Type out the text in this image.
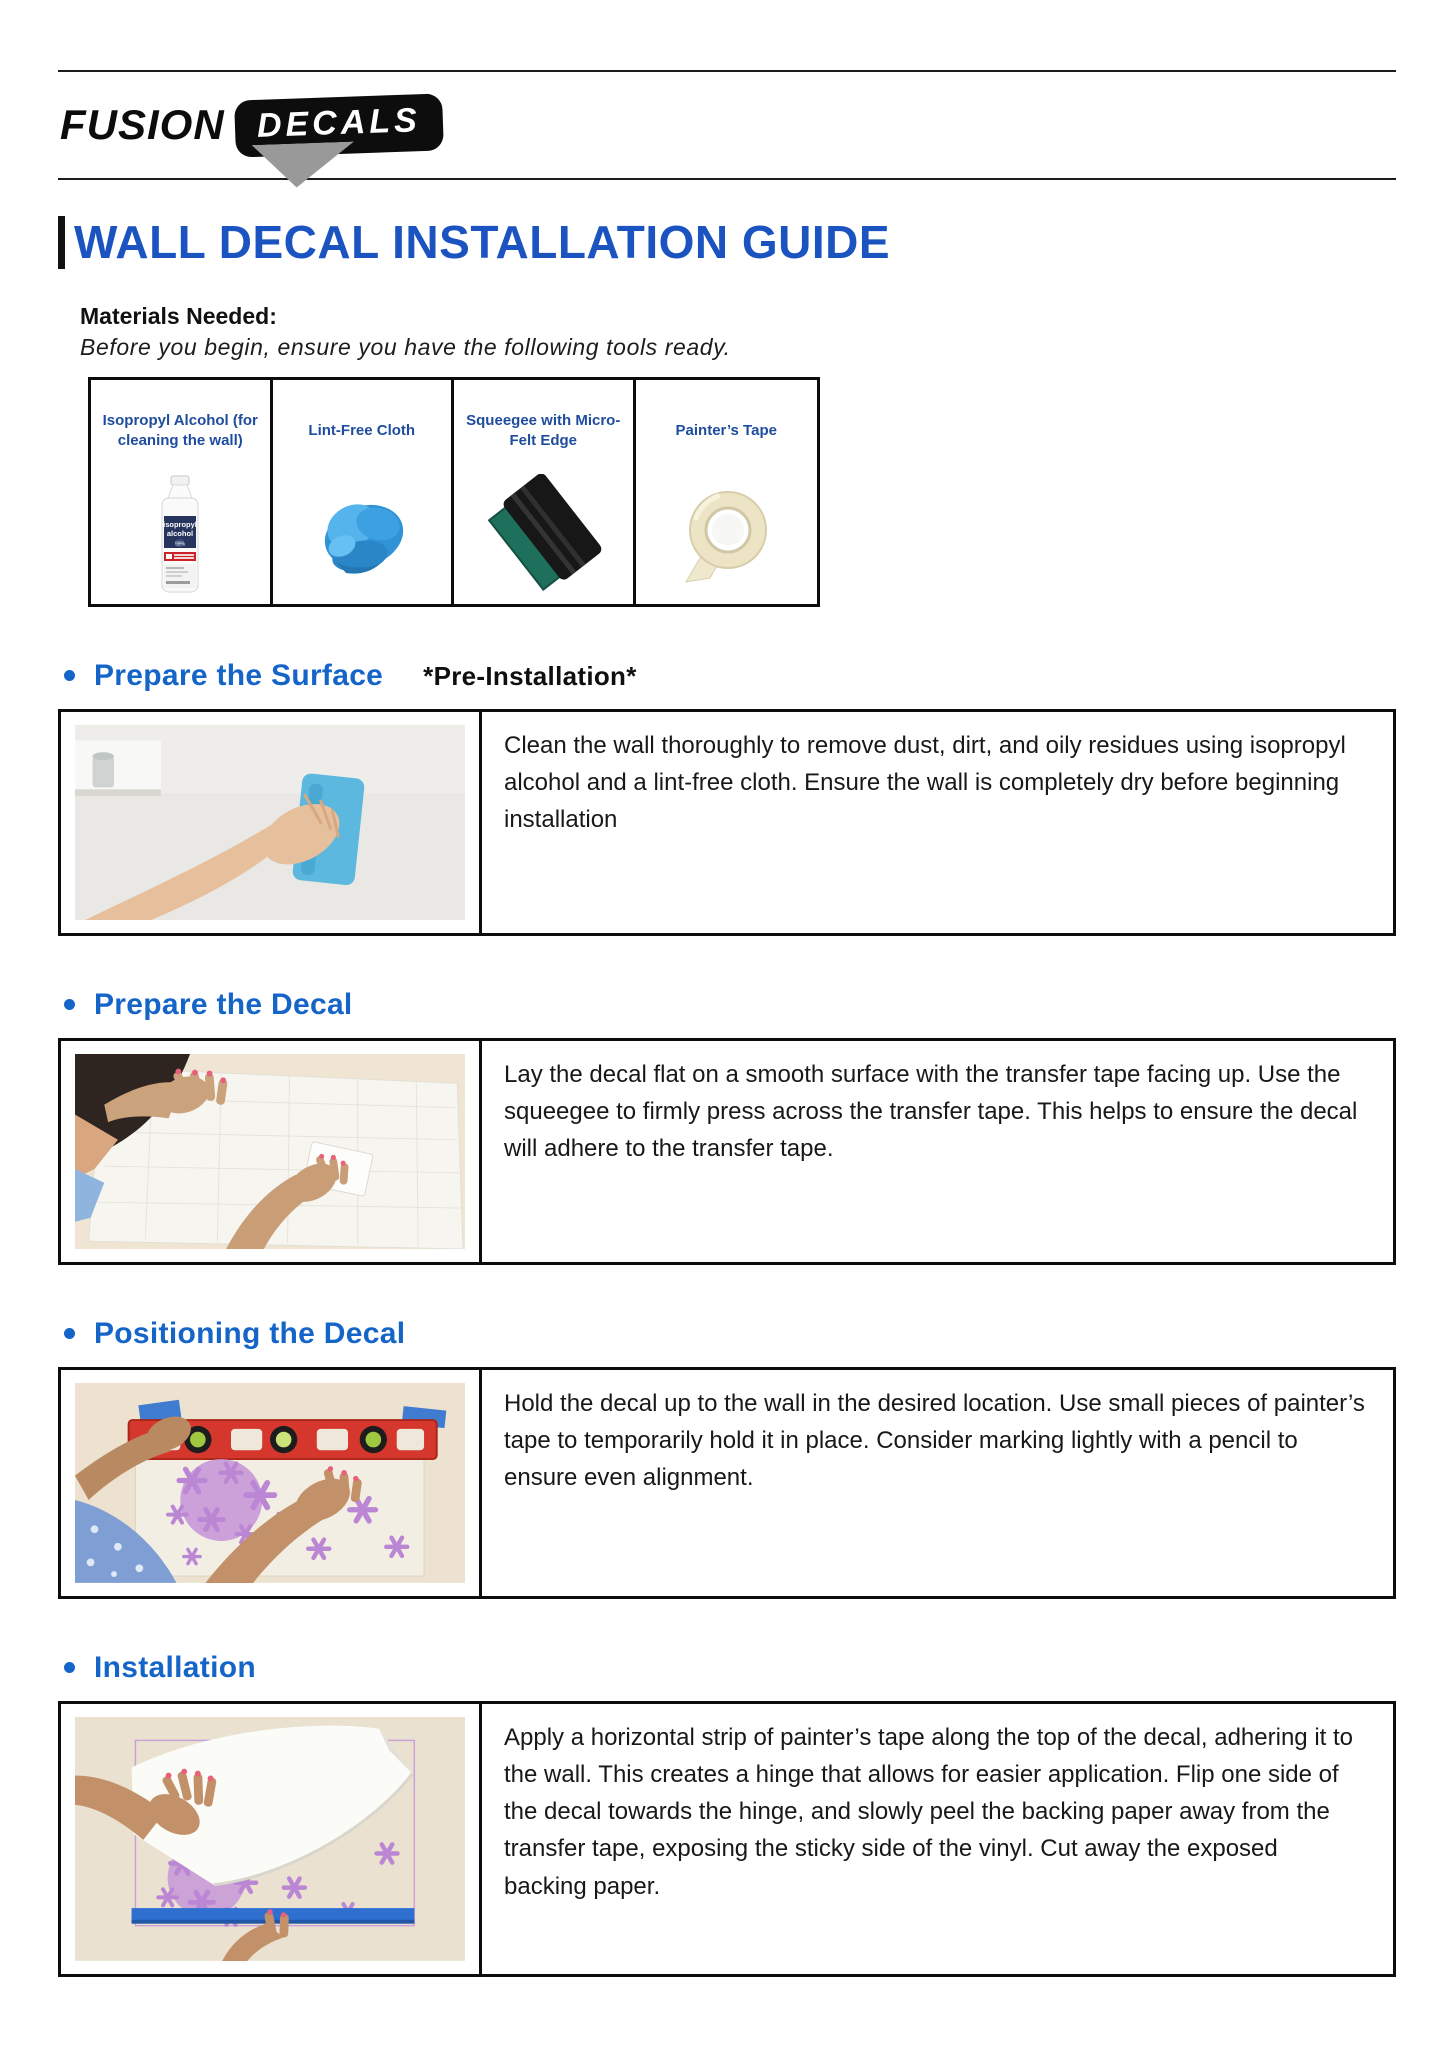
FUSION DECALS
WALL DECAL INSTALLATION GUIDE
Materials Needed:
Before you begin, ensure you have the following tools ready.
Isopropyl Alcohol (for cleaning the wall)
isopropyl
alcohol
99%
Lint-Free Cloth
Squeegee with Micro-Felt Edge
Painter’s Tape
Prepare the Surface *Pre-Installation*
Clean the wall thoroughly to remove dust, dirt, and oily residues using isopropyl alcohol and a lint-free cloth. Ensure the wall is completely dry before beginning installation
Prepare the Decal
Lay the decal flat on a smooth surface with the transfer tape facing up. Use the squeegee to firmly press across the transfer tape. This helps to ensure the decal will adhere to the transfer tape.
Positioning the Decal
Hold the decal up to the wall in the desired location. Use small pieces of painter’s tape to temporarily hold it in place. Consider marking lightly with a pencil to ensure even alignment.
Installation
Apply a horizontal strip of painter’s tape along the top of the decal, adhering it to the wall. This creates a hinge that allows for easier application. Flip one side of the decal towards the hinge, and slowly peel the backing paper away from the transfer tape, exposing the sticky side of the vinyl. Cut away the exposed backing paper.
